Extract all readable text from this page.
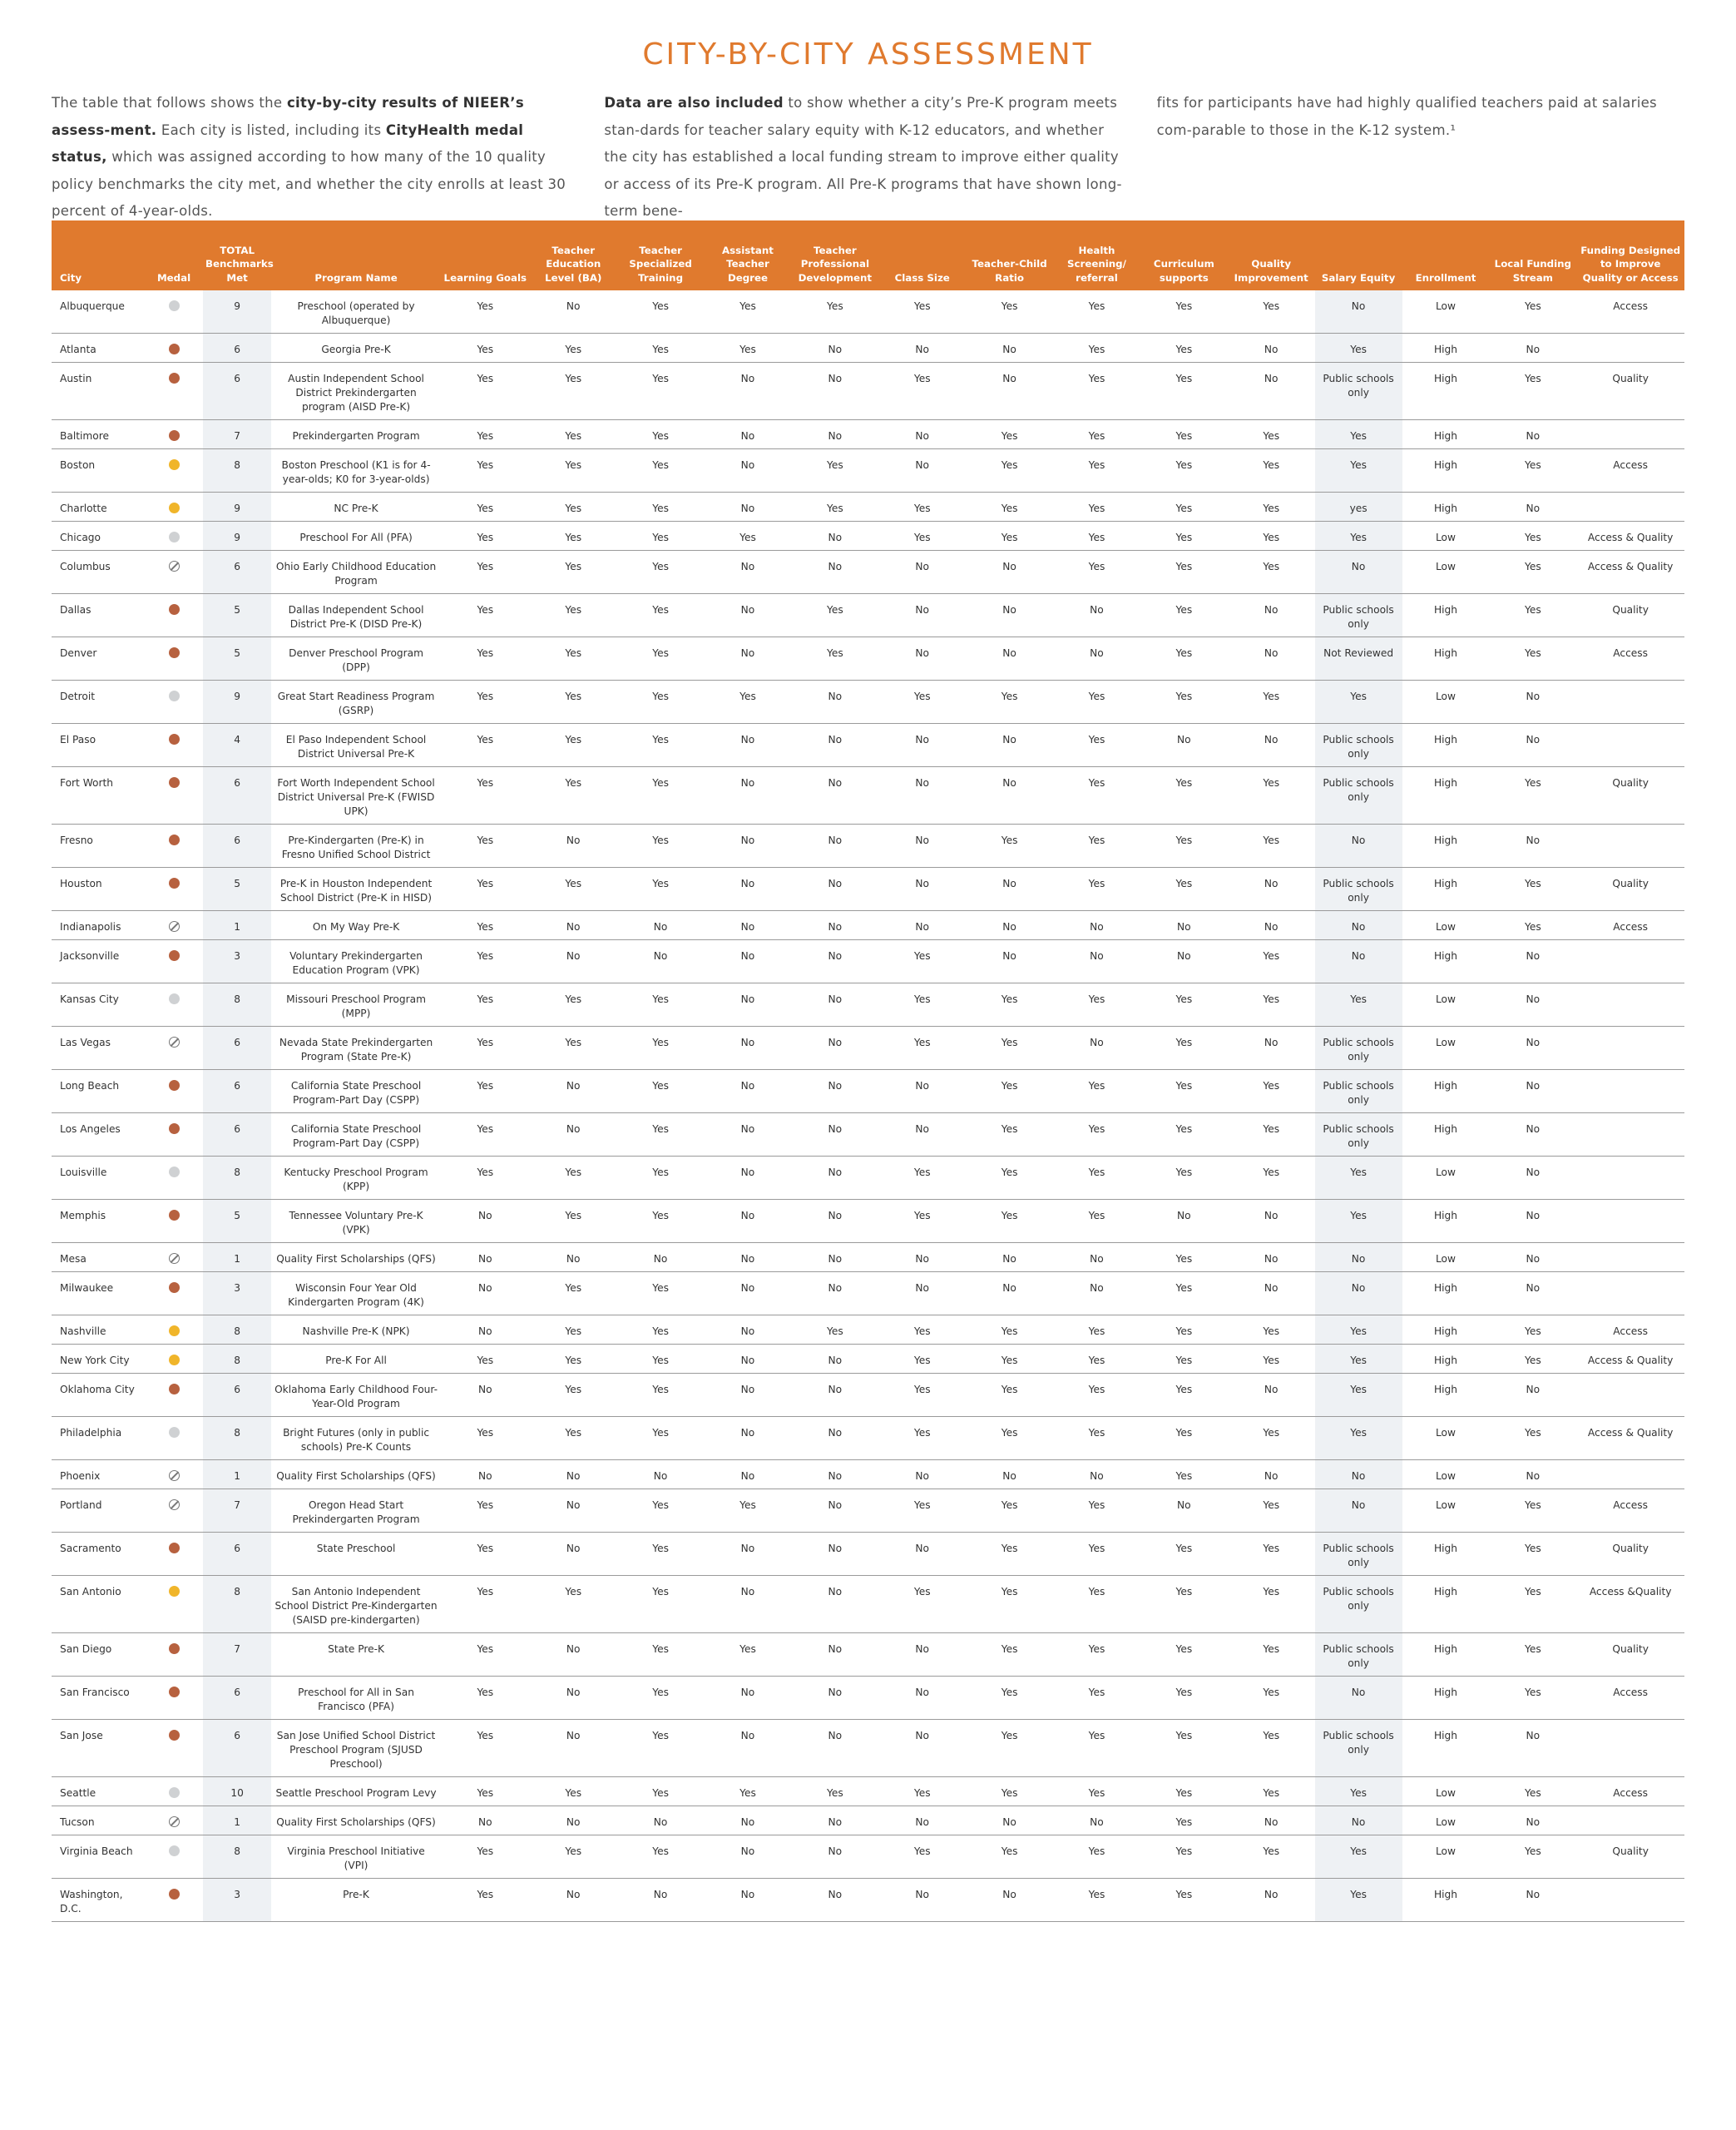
CITY-BY-CITY ASSESSMENT

The table that follows shows the city-by-city results of NIEER’s assess-ment. Each city is listed, including its CityHealth medal status, which was assigned according to how many of the 10 quality policy benchmarks the city met, and whether the city enrolls at least 30 percent of 4-year-olds.

Data are also included to show whether a city’s Pre-K program meets stan-dards for teacher salary equity with K-12 educators, and whether the city has established a local funding stream to improve either quality or access of its Pre-K program. All Pre-K programs that have shown long-term bene-

fits for participants have had highly qualified teachers paid at salaries com-parable to those in the K-12 system.¹

City	Medal	TOTAL Benchmarks Met	Program Name	Learning Goals	Teacher Education Level (BA)	Teacher Specialized Training	Assistant Teacher Degree	Teacher Professional Development	Class Size	Teacher-Child Ratio	Health Screening/ referral	Curriculum supports	Quality Improvement	Salary Equity	Enrollment	Local Funding Stream	Funding Designed to Improve Quality or Access
Albuquerque		9	Preschool (operated by Albuquerque)	Yes	No	Yes	Yes	Yes	Yes	Yes	Yes	Yes	Yes	No	Low	Yes	Access
Atlanta		6	Georgia Pre-K	Yes	Yes	Yes	Yes	No	No	No	Yes	Yes	No	Yes	High	No	
Austin		6	Austin Independent School District Prekindergarten program (AISD Pre-K)	Yes	Yes	Yes	No	No	Yes	No	Yes	Yes	No	Public schools only	High	Yes	Quality
Baltimore		7	Prekindergarten Program	Yes	Yes	Yes	No	No	No	Yes	Yes	Yes	Yes	Yes	High	No	
Boston		8	Boston Preschool (K1 is for 4-year-olds; K0 for 3-year-olds)	Yes	Yes	Yes	No	Yes	No	Yes	Yes	Yes	Yes	Yes	High	Yes	Access
Charlotte		9	NC Pre-K	Yes	Yes	Yes	No	Yes	Yes	Yes	Yes	Yes	Yes	yes	High	No	
Chicago		9	Preschool For All (PFA)	Yes	Yes	Yes	Yes	No	Yes	Yes	Yes	Yes	Yes	Yes	Low	Yes	Access & Quality
Columbus		6	Ohio Early Childhood Education Program	Yes	Yes	Yes	No	No	No	No	Yes	Yes	Yes	No	Low	Yes	Access & Quality
Dallas		5	Dallas Independent School District Pre-K (DISD Pre-K)	Yes	Yes	Yes	No	Yes	No	No	No	Yes	No	Public schools only	High	Yes	Quality
Denver		5	Denver Preschool Program (DPP)	Yes	Yes	Yes	No	Yes	No	No	No	Yes	No	Not Reviewed	High	Yes	Access
Detroit		9	Great Start Readiness Program (GSRP)	Yes	Yes	Yes	Yes	No	Yes	Yes	Yes	Yes	Yes	Yes	Low	No	
El Paso		4	El Paso Independent School District Universal Pre-K	Yes	Yes	Yes	No	No	No	No	Yes	No	No	Public schools only	High	No	
Fort Worth		6	Fort Worth Independent School District Universal Pre-K (FWISD UPK)	Yes	Yes	Yes	No	No	No	No	Yes	Yes	Yes	Public schools only	High	Yes	Quality
Fresno		6	Pre-Kindergarten (Pre-K) in Fresno Unified School District	Yes	No	Yes	No	No	No	Yes	Yes	Yes	Yes	No	High	No	
Houston		5	Pre-K in Houston Independent School District (Pre-K in HISD)	Yes	Yes	Yes	No	No	No	No	Yes	Yes	No	Public schools only	High	Yes	Quality
Indianapolis		1	On My Way Pre-K	Yes	No	No	No	No	No	No	No	No	No	No	Low	Yes	Access
Jacksonville		3	Voluntary Prekindergarten Education Program (VPK)	Yes	No	No	No	No	Yes	No	No	No	Yes	No	High	No	
Kansas City		8	Missouri Preschool Program (MPP)	Yes	Yes	Yes	No	No	Yes	Yes	Yes	Yes	Yes	Yes	Low	No	
Las Vegas		6	Nevada State Prekindergarten Program (State Pre-K)	Yes	Yes	Yes	No	No	Yes	Yes	No	Yes	No	Public schools only	Low	No	
Long Beach		6	California State Preschool Program-Part Day (CSPP)	Yes	No	Yes	No	No	No	Yes	Yes	Yes	Yes	Public schools only	High	No	
Los Angeles		6	California State Preschool Program-Part Day (CSPP)	Yes	No	Yes	No	No	No	Yes	Yes	Yes	Yes	Public schools only	High	No	
Louisville		8	Kentucky Preschool Program (KPP)	Yes	Yes	Yes	No	No	Yes	Yes	Yes	Yes	Yes	Yes	Low	No	
Memphis		5	Tennessee Voluntary Pre-K (VPK)	No	Yes	Yes	No	No	Yes	Yes	Yes	No	No	Yes	High	No	
Mesa		1	Quality First Scholarships (QFS)	No	No	No	No	No	No	No	No	Yes	No	No	Low	No	
Milwaukee		3	Wisconsin Four Year Old Kindergarten Program (4K)	No	Yes	Yes	No	No	No	No	No	Yes	No	No	High	No	
Nashville		8	Nashville Pre-K (NPK)	No	Yes	Yes	No	Yes	Yes	Yes	Yes	Yes	Yes	Yes	High	Yes	Access
New York City		8	Pre-K For All	Yes	Yes	Yes	No	No	Yes	Yes	Yes	Yes	Yes	Yes	High	Yes	Access & Quality
Oklahoma City		6	Oklahoma Early Childhood Four-Year-Old Program	No	Yes	Yes	No	No	Yes	Yes	Yes	Yes	No	Yes	High	No	
Philadelphia		8	Bright Futures (only in public schools) Pre-K Counts	Yes	Yes	Yes	No	No	Yes	Yes	Yes	Yes	Yes	Yes	Low	Yes	Access & Quality
Phoenix		1	Quality First Scholarships (QFS)	No	No	No	No	No	No	No	No	Yes	No	No	Low	No	
Portland		7	Oregon Head Start Prekindergarten Program	Yes	No	Yes	Yes	No	Yes	Yes	Yes	No	Yes	No	Low	Yes	Access
Sacramento		6	State Preschool	Yes	No	Yes	No	No	No	Yes	Yes	Yes	Yes	Public schools only	High	Yes	Quality
San Antonio		8	San Antonio Independent School District Pre-Kindergarten (SAISD pre-kindergarten)	Yes	Yes	Yes	No	No	Yes	Yes	Yes	Yes	Yes	Public schools only	High	Yes	Access &Quality
San Diego		7	State Pre-K	Yes	No	Yes	Yes	No	No	Yes	Yes	Yes	Yes	Public schools only	High	Yes	Quality
San Francisco		6	Preschool for All in San Francisco (PFA)	Yes	No	Yes	No	No	No	Yes	Yes	Yes	Yes	No	High	Yes	Access
San Jose		6	San Jose Unified School District Preschool Program (SJUSD Preschool)	Yes	No	Yes	No	No	No	Yes	Yes	Yes	Yes	Public schools only	High	No	
Seattle		10	Seattle Preschool Program Levy	Yes	Yes	Yes	Yes	Yes	Yes	Yes	Yes	Yes	Yes	Yes	Low	Yes	Access
Tucson		1	Quality First Scholarships (QFS)	No	No	No	No	No	No	No	No	Yes	No	No	Low	No	
Virginia Beach		8	Virginia Preschool Initiative (VPI)	Yes	Yes	Yes	No	No	Yes	Yes	Yes	Yes	Yes	Yes	Low	Yes	Quality
Washington, D.C.		3	Pre-K	Yes	No	No	No	No	No	No	Yes	Yes	No	Yes	High	No	
